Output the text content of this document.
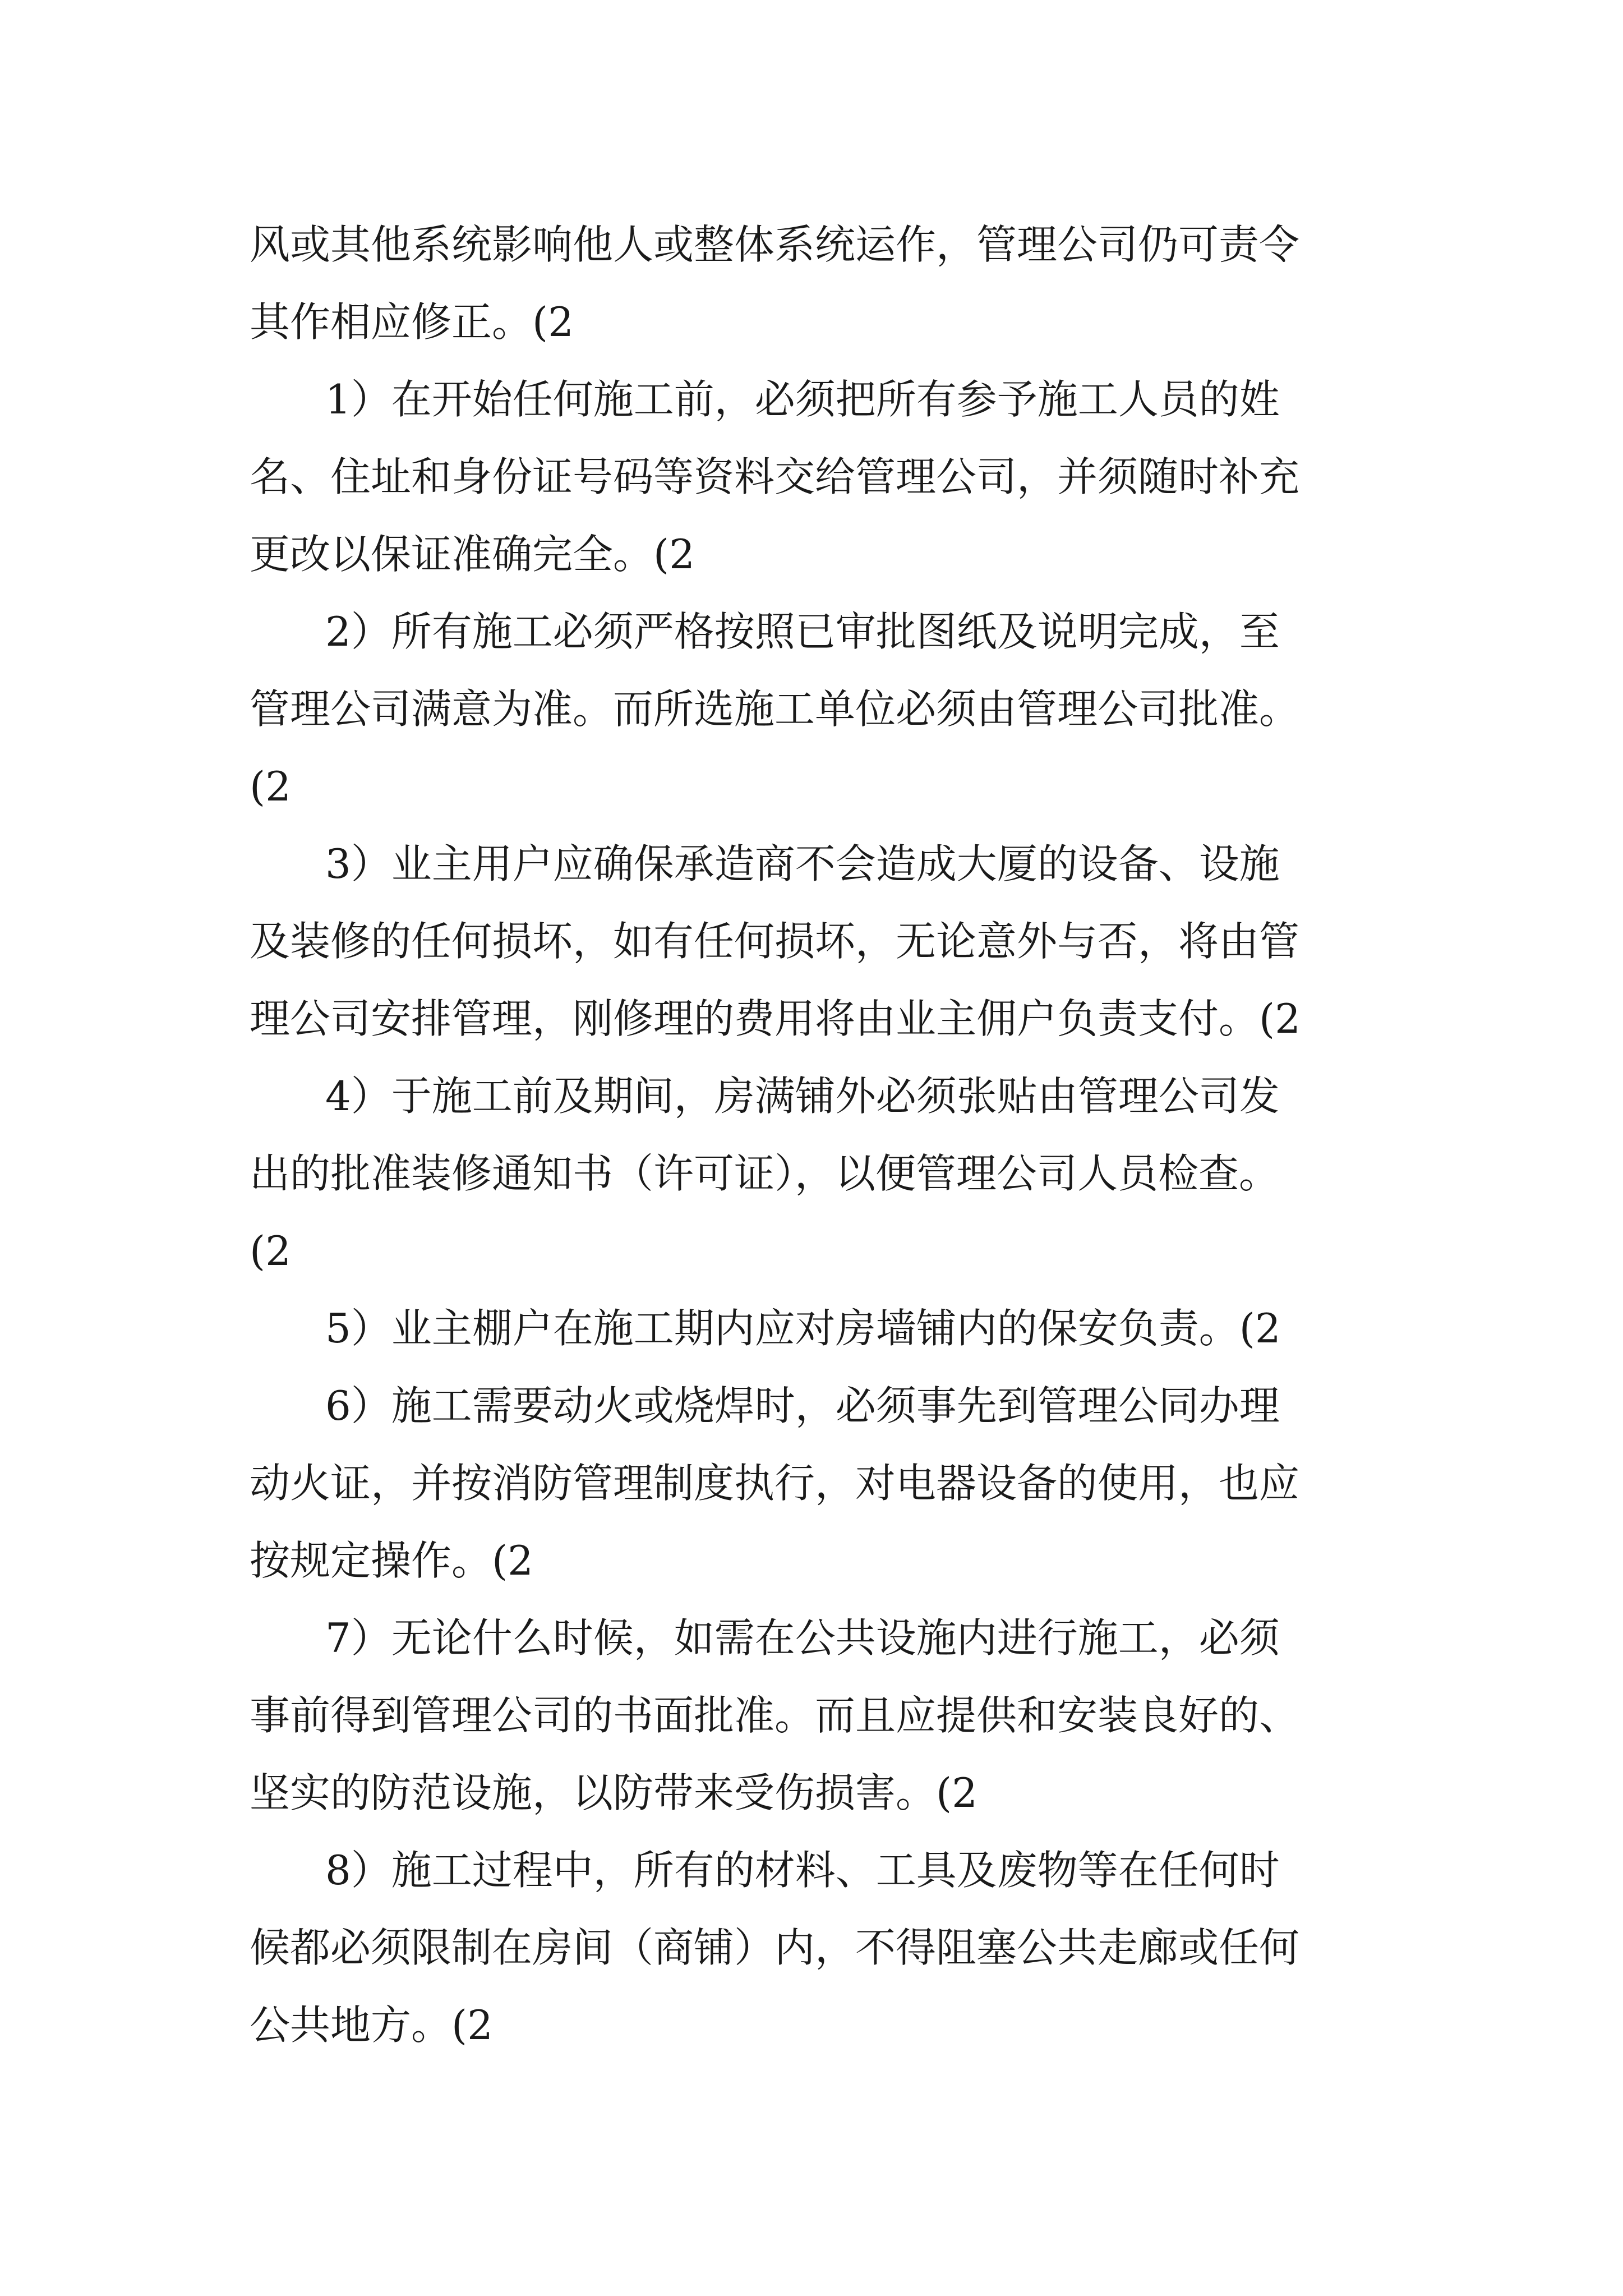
风或其他系统影响他人或整体系统运作，管理公司仍可责令
其作相应修正。(2
1）在开始任何施工前，必须把所有参予施工人员的姓
名、住址和身份证号码等资料交给管理公司，并须随时补充
更改以保证准确完全。(2
2）所有施工必须严格按照已审批图纸及说明完成，至
管理公司满意为准。而所选施工单位必须由管理公司批准。
(2
3）业主用户应确保承造商不会造成大厦的设备、设施
及装修的任何损坏，如有任何损坏，无论意外与否，将由管
理公司安排管理，刚修理的费用将由业主佣户负责支付。(2
4）于施工前及期间，房满铺外必须张贴由管理公司发
出的批准装修通知书（许可证），以便管理公司人员检查。
(2
5）业主棚户在施工期内应对房墙铺内的保安负责。(2
6）施工需要动火或烧焊时，必须事先到管理公同办理
动火证，并按消防管理制度执行，对电器设备的使用，也应
按规定操作。(2
7）无论什么时候，如需在公共设施内进行施工，必须
事前得到管理公司的书面批准。而且应提供和安装良好的、
坚实的防范设施，以防带来受伤损害。(2
8）施工过程中，所有的材料、工具及废物等在任何时
候都必须限制在房间（商铺）内，不得阻塞公共走廊或任何
公共地方。(2
